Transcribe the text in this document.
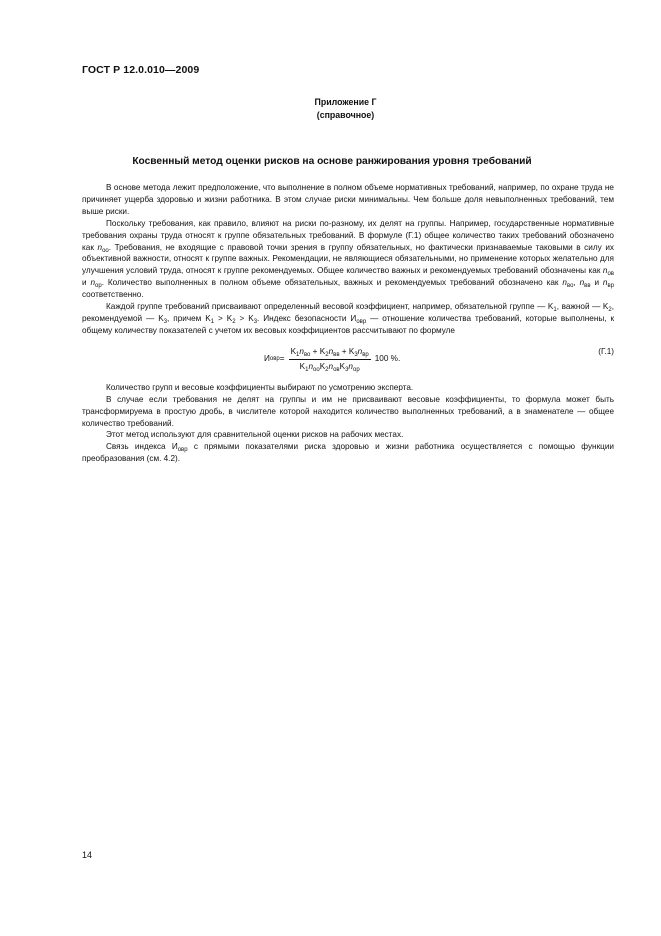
ГОСТ Р 12.0.010—2009
Приложение Г
(справочное)
Косвенный метод оценки рисков на основе ранжирования уровня требований

В основе метода лежит предположение, что выполнение в полном объеме нормативных требований, например, по охране труда не причиняет ущерба здоровью и жизни работника. В этом случае риски минимальны. Чем больше доля невыполненных требований, тем выше риски.

Поскольку требования, как правило, влияют на риски по-разному, их делят на группы. Например, государственные нормативные требования охраны труда относят к группе обязательных требований. В формуле (Г.1) общее количество таких требований обозначено как $n_{оо}$. Требования, не входящие с правовой точки зрения в группу обязательных, но фактически признаваемые таковыми в силу их объективной важности, относят к группе важных. Рекомендации, не являющиеся обязательными, но применение которых желательно для улучшения условий труда, относят к группе рекомендуемых. Общее количество важных и рекомендуемых требований обозначены как $n_{ов}$ и $n_{ор}$. Количество выполненных в полном объеме обязательных, важных и рекомендуемых требований обозначено как $n_{во}$, $n_{вв}$ и $n_{вр}$ соответственно.

Каждой группе требований присваивают определенный весовой коэффициент, например, обязательной группе — $K_1$, важной — $K_2$, рекомендуемой — $K_3$, причем $K_1 > K_2 > K_3$. Индекс безопасности $И_{овр}$ — отношение количества требований, которые выполнены, к общему количеству показателей с учетом их весовых коэффициентов рассчитывают по формуле

И овр = $\frac{K_1n_{во} + K_2n_{вв} + K_3n_{вр}}{K_1n_{оо}K_2n_{ов}K_3n_{ор}} 100$ %.
(Г.1)

Количество групп и весовые коэффициенты выбирают по усмотрению эксперта.

В случае если требования не делят на группы и им не присваивают весовые коэффициенты, то формула может быть трансформируема в простую дробь, в числителе которой находится количество выполненных требований, а в знаменателе — общее количество требований.

Этот метод используют для сравнительной оценки рисков на рабочих местах.

Связь индекса $И_{овр}$ с прямыми показателями риска здоровью и жизни работника осуществляется с помощью функции преобразования (см. 4.2).

14
